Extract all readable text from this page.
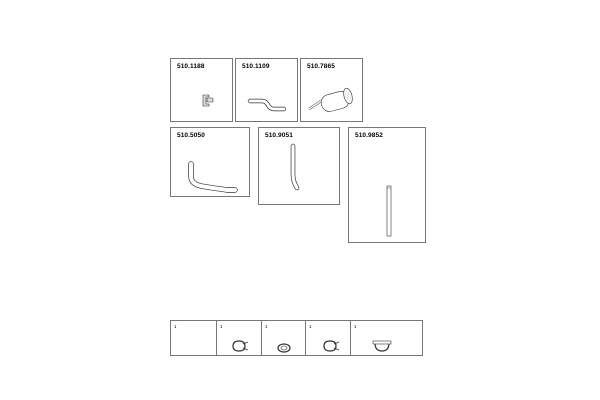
510.1188	510.1109	510.7865
510.5050	510.9051	510.9852
1	1	1	1	1
